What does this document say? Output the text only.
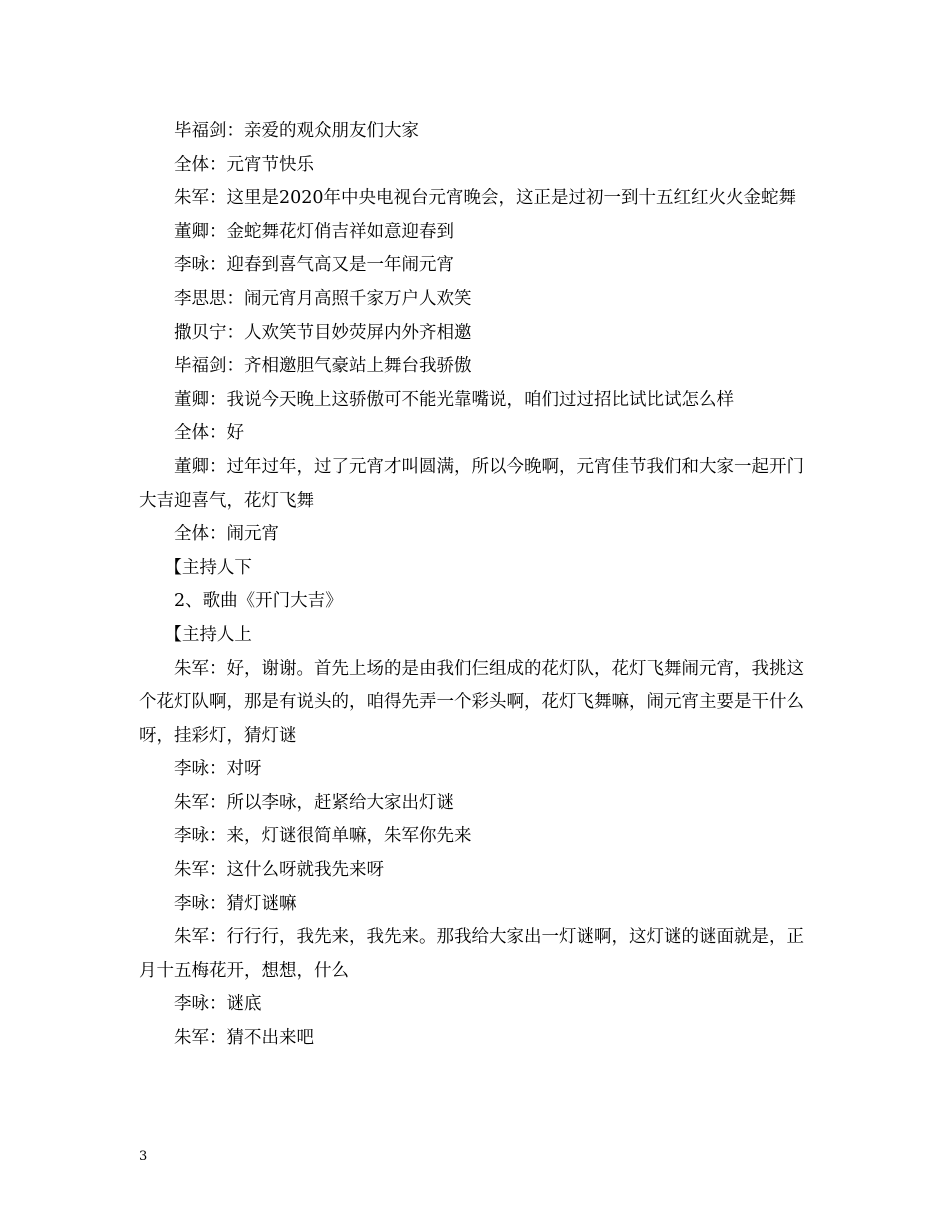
毕福剑：亲爱的观众朋友们大家

全体：元宵节快乐

朱军：这里是2020年中央电视台元宵晚会，这正是过初一到十五红红火火金蛇舞

董卿：金蛇舞花灯俏吉祥如意迎春到

李咏：迎春到喜气高又是一年闹元宵

李思思：闹元宵月高照千家万户人欢笑

撒贝宁：人欢笑节目妙荧屏内外齐相邀

毕福剑：齐相邀胆气豪站上舞台我骄傲

董卿：我说今天晚上这骄傲可不能光靠嘴说，咱们过过招比试比试怎么样

全体：好

董卿：过年过年，过了元宵才叫圆满，所以今晚啊，元宵佳节我们和大家一起开门大吉迎喜气，花灯飞舞

全体：闹元宵

【主持人下

2、歌曲《开门大吉》

【主持人上

朱军：好，谢谢。首先上场的是由我们仨组成的花灯队，花灯飞舞闹元宵，我挑这个花灯队啊，那是有说头的，咱得先弄一个彩头啊，花灯飞舞嘛，闹元宵主要是干什么呀，挂彩灯，猜灯谜

李咏：对呀

朱军：所以李咏，赶紧给大家出灯谜

李咏：来，灯谜很简单嘛，朱军你先来

朱军：这什么呀就我先来呀

李咏：猜灯谜嘛

朱军：行行行，我先来，我先来。那我给大家出一灯谜啊，这灯谜的谜面就是，正月十五梅花开，想想，什么

李咏：谜底

朱军：猜不出来吧

3
